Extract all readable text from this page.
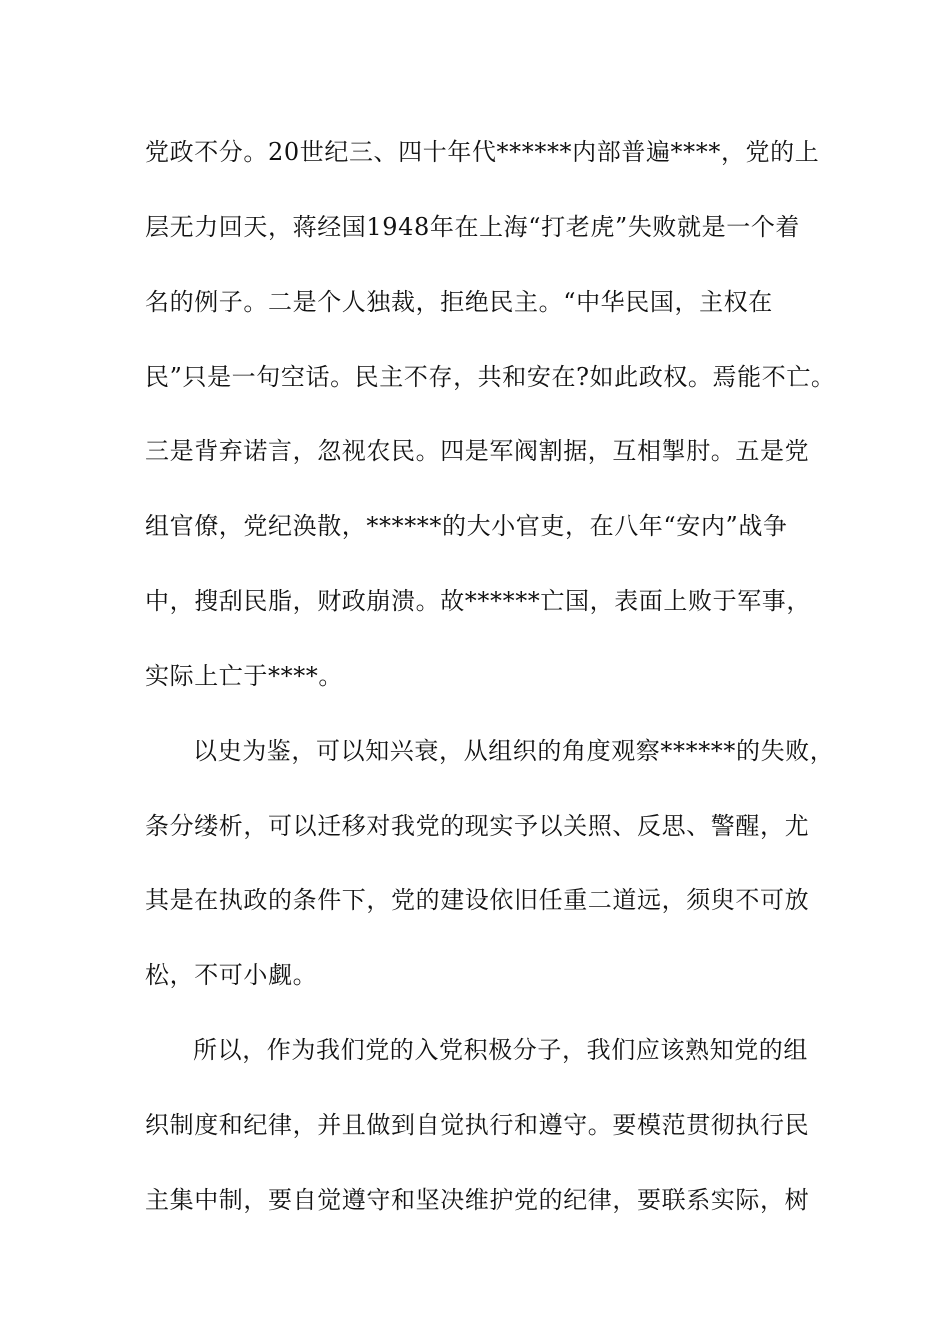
党政不分。20世纪三、四十年代******内部普遍****，党的上
层无力回天，蒋经国1948年在上海“打老虎”失败就是一个着
名的例子。二是个人独裁，拒绝民主。“中华民国，主权在
民”只是一句空话。民主不存，共和安在?如此政权。焉能不亡。
三是背弃诺言，忽视农民。四是军阀割据，互相掣肘。五是党
组官僚，党纪涣散，******的大小官吏，在八年“安内”战争
中，搜刮民脂，财政崩溃。故******亡国，表面上败于军事，
实际上亡于****。
以史为鉴，可以知兴衰，从组织的角度观察******的失败，
条分缕析，可以迁移对我党的现实予以关照、反思、警醒，尤
其是在执政的条件下，党的建设依旧任重二道远，须臾不可放
松，不可小觑。
所以，作为我们党的入党积极分子，我们应该熟知党的组
织制度和纪律，并且做到自觉执行和遵守。要模范贯彻执行民
主集中制，要自觉遵守和坚决维护党的纪律，要联系实际，树
